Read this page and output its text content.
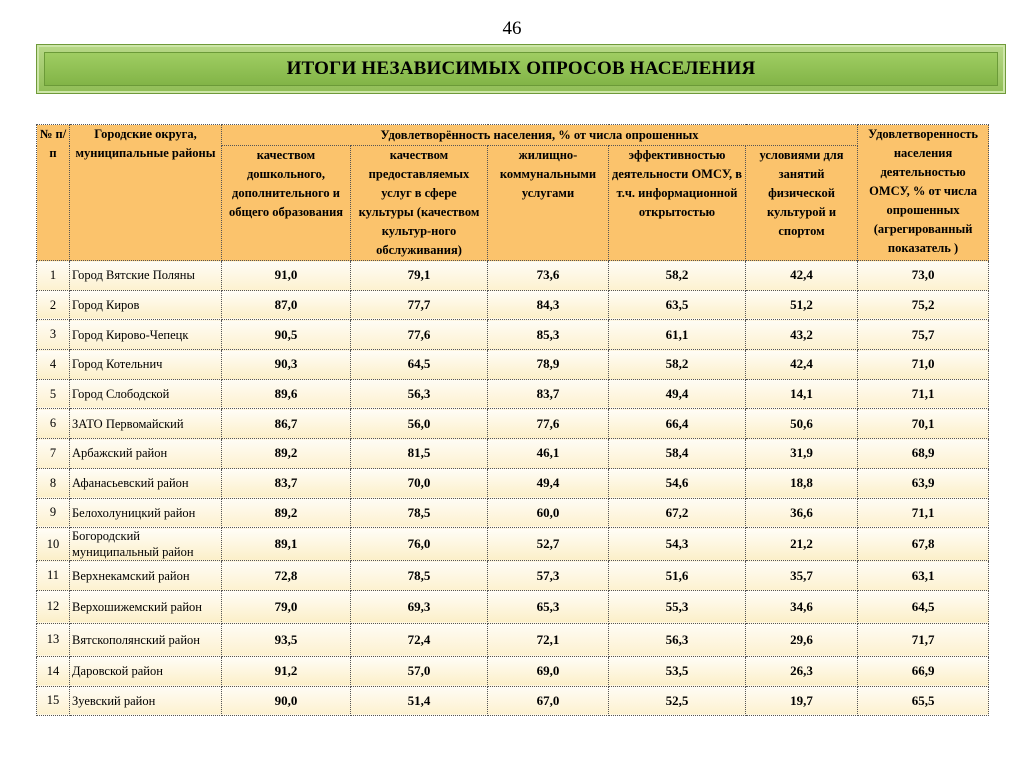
46
ИТОГИ НЕЗАВИСИМЫХ ОПРОСОВ НАСЕЛЕНИЯ
№ п/п	Городские округа, муниципальные районы	Удовлетворённость населения, % от числа опрошенных					Удовлетворенность населения деятельностью ОМСУ, % от числа опрошенных (агрегированный показатель )
		качеством дошкольного, дополнительного и общего образования	качеством предоставляемых услуг в сфере культуры (качеством культур-ного обслуживания)	жилищно-коммунальными услугами	эффективностью деятельности ОМСУ, в т.ч. информационной открытостью	условиями для занятий физической культурой и спортом	
1	Город Вятские Поляны	91,0	79,1	73,6	58,2	42,4	73,0
2	Город Киров	87,0	77,7	84,3	63,5	51,2	75,2
3	Город Кирово-Чепецк	90,5	77,6	85,3	61,1	43,2	75,7
4	Город Котельнич	90,3	64,5	78,9	58,2	42,4	71,0
5	Город Слободской	89,6	56,3	83,7	49,4	14,1	71,1
6	ЗАТО Первомайский	86,7	56,0	77,6	66,4	50,6	70,1
7	Арбажский район	89,2	81,5	46,1	58,4	31,9	68,9
8	Афанасьевский район	83,7	70,0	49,4	54,6	18,8	63,9
9	Белохолуницкий район	89,2	78,5	60,0	67,2	36,6	71,1
10	Богородский муниципальный район	89,1	76,0	52,7	54,3	21,2	67,8
11	Верхнекамский район	72,8	78,5	57,3	51,6	35,7	63,1
12	Верхошижемский район	79,0	69,3	65,3	55,3	34,6	64,5
13	Вятскополянский район	93,5	72,4	72,1	56,3	29,6	71,7
14	Даровской район	91,2	57,0	69,0	53,5	26,3	66,9
15	Зуевский район	90,0	51,4	67,0	52,5	19,7	65,5
